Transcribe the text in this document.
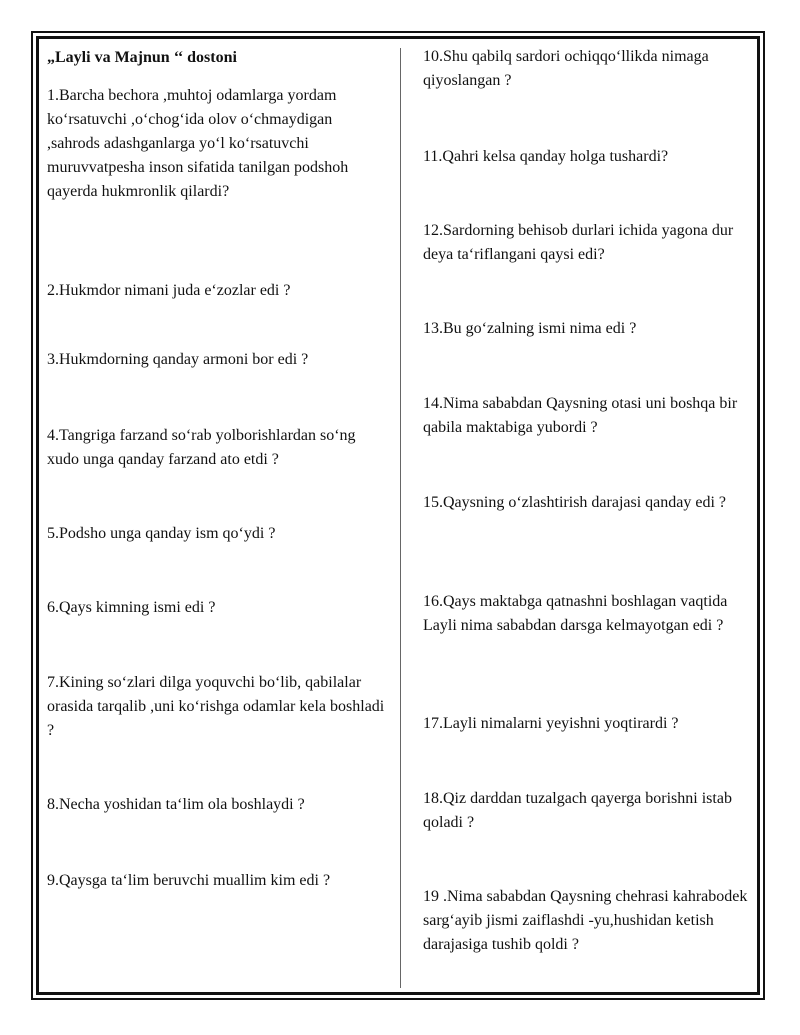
„Layli va Majnun ‘‘ dostoni

1.Barcha bechora ,muhtoj odamlarga yordam ko‘rsatuvchi ,o‘chog‘ida olov o‘chmaydigan ,sahrods adashganlarga yo‘l ko‘rsatuvchi muruvvatpesha inson sifatida tanilgan podshoh qayerda hukmronlik qilardi?

2.Hukmdor nimani juda e‘zozlar edi ?

3.Hukmdorning qanday armoni bor edi ?

4.Tangriga farzand so‘rab yolborishlardan so‘ng xudo unga qanday farzand ato etdi ?

5.Podsho unga qanday ism qo‘ydi ?

6.Qays kimning ismi edi ?

7.Kining so‘zlari dilga yoquvchi bo‘lib, qabilalar orasida tarqalib ,uni ko‘rishga odamlar kela boshladi ?

8.Necha yoshidan ta‘lim ola boshlaydi ?

9.Qaysga ta‘lim beruvchi muallim kim edi ?

10.Shu qabilq sardori ochiqqo‘llikda nimaga qiyoslangan ?

11.Qahri kelsa qanday holga tushardi?

12.Sardorning behisob durlari ichida yagona dur deya ta‘riflangani qaysi edi?

13.Bu go‘zalning ismi nima edi ?

14.Nima sababdan Qaysning otasi uni boshqa bir qabila maktabiga yubordi ?

15.Qaysning o‘zlashtirish darajasi qanday edi ?

16.Qays maktabga qatnashni boshlagan vaqtida Layli nima sababdan darsga kelmayotgan edi ?

17.Layli nimalarni yeyishni yoqtirardi ?

18.Qiz darddan tuzalgach qayerga borishni istab qoladi ?

19 .Nima sababdan Qaysning chehrasi kahrabodek sarg‘ayib jismi zaiflashdi -yu,hushidan ketish darajasiga tushib qoldi ?
